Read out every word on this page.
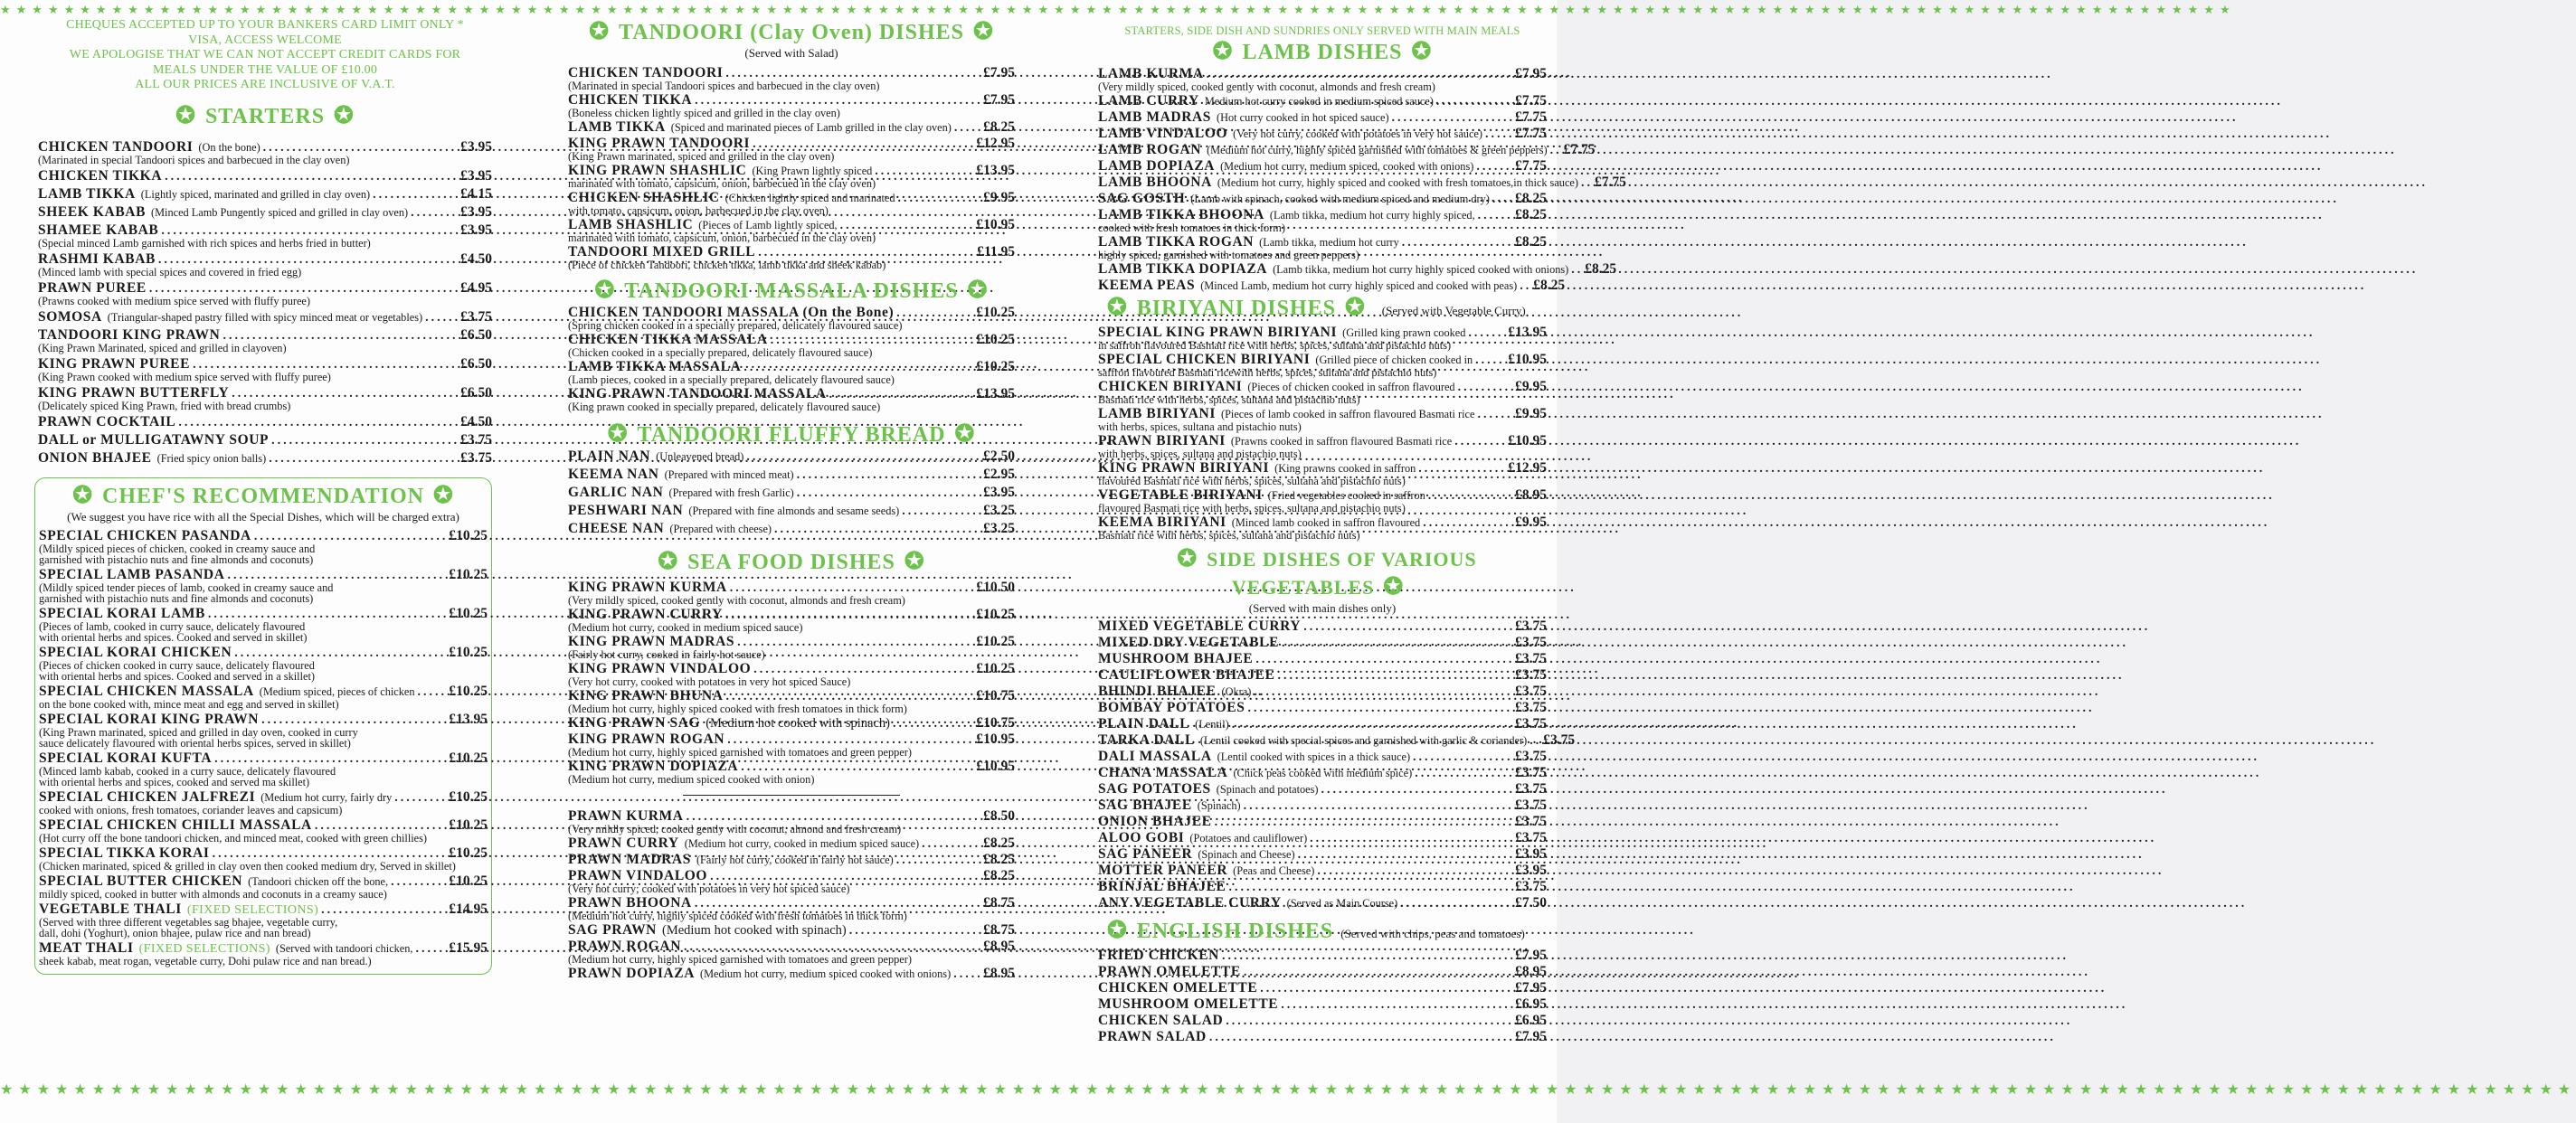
★★★★★★★★★★★★★★★★★★★★★★★★★★★★★★★★★★★★★★★★★★★★★★★★★★★★★★★★★★★★★★★★★★★★★★★★★★★★★★★★★★★★★★★★★★★★★★★★★★★★★★★★★★★★★★★★★★★★★★★★★★★★★★★★★★★★★★★★★★★★
CHEQUES ACCEPTED UP TO YOUR BANKERS CARD LIMIT ONLY *
VISA, ACCESS WELCOME
WE APOLOGISE THAT WE CAN NOT ACCEPT CREDIT CARDS FOR
MEALS UNDER THE VALUE OF £10.00
ALL OUR PRICES ARE INCLUSIVE OF V.A.T.
✪ STARTERS ✪
CHICKEN TANDOORI (On the bone) .....	£3.95
(Marinated in special Tandoori spices and barbecued in the clay oven)
CHICKEN TIKKA .....	£3.95
LAMB TIKKA (Lightly spiced, marinated and grilled in clay oven) .....	£4.15
SHEEK KABAB (Minced Lamb Pungently spiced and grilled in clay oven) .....	£3.95
SHAMEE KABAB .....	£3.95
(Special minced Lamb garnished with rich spices and herbs fried in butter)
RASHMI KABAB .....	£4.50
(Minced lamb with special spices and covered in fried egg)
PRAWN PUREE .....	£4.95
(Prawns cooked with medium spice served with fluffy puree)
SOMOSA (Triangular-shaped pastry filled with spicy minced meat or vegetables) .....	£3.75
TANDOORI KING PRAWN .....	£6.50
(King Prawn Marinated, spiced and grilled in clayoven)
KING PRAWN PUREE .....	£6.50
(King Prawn cooked with medium spice served with fluffy puree)
KING PRAWN BUTTERFLY .....	£6.50
(Delicately spiced King Prawn, fried with bread crumbs)
PRAWN COCKTAIL .....	£4.50
DALL or MULLIGATAWNY SOUP .....	£3.75
ONION BHAJEE (Fried spicy onion balls) .....	£3.75
✪ CHEF'S RECOMMENDATION ✪
(We suggest you have rice with all the Special Dishes, which will be charged extra)
SPECIAL CHICKEN PASANDA .....	£10.25
(Mildly spiced pieces of chicken, cooked in creamy sauce and
garnished with pistachio nuts and fine almonds and coconuts)
SPECIAL LAMB PASANDA .....	£10.25
(Mildly spiced tender pieces of lamb, cooked in creamy sauce and
garnished with pistachio nuts and fine almonds and coconuts)
SPECIAL KORAI LAMB .....	£10.25
(Pieces of lamb, cooked in curry sauce, delicately flavoured
with oriental herbs and spices. Cooked and served in skillet)
SPECIAL KORAI CHICKEN .....	£10.25
(Pieces of chicken cooked in curry sauce, delicately flavoured
with oriental herbs and spices. Cooked and served in a skillet)
SPECIAL CHICKEN MASSALA (Medium spiced, pieces of chicken ..... £10.25
on the bone cooked with, mince meat and egg and served in skillet)
SPECIAL KORAI KING PRAWN .....	£13.95
(King Prawn marinated, spiced and grilled in day oven, cooked in curry
sauce delicately flavoured with oriental herbs spices, served in skillet)
SPECIAL KORAI KUFTA .....	£10.25
(Minced lamb kabab, cooked in a curry sauce, delicately flavoured
with oriental herbs and spices, cooked and served ma skillet)
SPECIAL CHICKEN JALFREZI (Medium hot curry, fairly dry .....	£10.25
cooked with onions, fresh tomatoes, coriander leaves and capsicum)
SPECIAL CHICKEN CHILLI MASSALA .....	£10.25
(Hot curry off the bone tandoori chicken, and minced meat, cooked with green chillies)
SPECIAL TIKKA KORAI .....	£10.25
(Chicken marinated, spiced & grilled in clay oven then cooked medium dry, Served in skillet)
SPECIAL BUTTER CHICKEN (Tandoori chicken off the bone, .....	£10.25
mildly spiced, cooked in butter with almonds and coconuts in a creamy sauce)
VEGETABLE THALI (FIXED SELECTIONS) .....	£14.95
(Served with three different vegetables sag bhajee, vegetable curry,
dall, dohi (Yoghurt), onion bhajee, pulaw rice and nan bread)
MEAT THALI (FIXED SELECTIONS) (Served with tandoori chicken, .....	£15.95
sheek kabab, meat rogan, vegetable curry, Dohi pulaw rice and nan bread.)
✪ TANDOORI (Clay Oven) DISHES ✪
(Served with Salad)
CHICKEN TANDOORI .....	£7.95
(Marinated in special Tandoori spices and barbecued in the clay oven)
CHICKEN TIKKA .....	£7.95
(Boneless chicken lightly spiced and grilled in the clay oven)
LAMB TIKKA (Spiced and marinated pieces of Lamb grilled in the clay oven) ..... £8.25
KING PRAWN TANDOORI .....	£12.95
(King Prawn marinated, spiced and grilled in the clay oven)
KING PRAWN SHASHLIC (King Prawn lightly spiced .....	£13.95
marinated with tomato, capsicum, onion, barbecued in the clay oven)
CHICKEN SHASHLIC (Chicken lightly spiced and marinated .....	£9.95
with tomato, capsicum, onion, barbecued in the clay oven)
LAMB SHASHLIC (Pieces of Lamb lightly spiced, .....	£10.95
marinated with tomato, capsicum, onion, barbecued in the clay oven)
TANDOORI MIXED GRILL .....	£11.95
(Piece of chicken Tandoori, chicken tikka, lamb tikka and sheek kabab)
✪ TANDOORI MASSALA DISHES ✪
CHICKEN TANDOORI MASSALA (On the Bone) .....	£10.25
(Spring chicken cooked in a specially prepared, delicately flavoured sauce)
CHICKEN TIKKA MASSALA .....	£10.25
(Chicken cooked in a specially prepared, delicately flavoured sauce)
LAMB TIKKA MASSALA .....	£10.25
(Lamb pieces, cooked in a specially prepared, delicately flavoured sauce)
KING PRAWN TANDOORI MASSALA .....	£13.95
(King prawn cooked in specially prepared, delicately flavoured sauce)
✪ TANDOORI FLUFFY BREAD ✪
PLAIN NAN (Unleavened bread) .....	£2.50
KEEMA NAN (Prepared with minced meat) .....	£2.95
GARLIC NAN (Prepared with fresh Garlic) .....	£3.95
PESHWARI NAN (Prepared with fine almonds and sesame seeds) .....	£3.25
CHEESE NAN (Prepared with cheese) .....	£3.25
✪ SEA FOOD DISHES ✪
KING PRAWN KURMA .....	£10.50
(Very mildly spiced, cooked gently with coconut, almonds and fresh cream)
KING PRAWN CURRY .....	£10.25
(Medium hot curry, cooked in medium spiced sauce)
KING PRAWN MADRAS .....	£10.25
(Fairly hot curry, cooked in fairly hot sauce)
KING PRAWN VINDALOO .....	£10.25
(Very hot curry, cooked with potatoes in very hot spiced Sauce)
KING PRAWN BHUNA .....	£10.75
(Medium hot curry, highly spiced cooked with fresh tomatoes in thick form)
KING PRAWN SAG (Medium hot cooked with spinach) .....	£10.75
KING PRAWN ROGAN .....	£10.95
(Medium hot curry, highly spiced garnished with tomatoes and green pepper)
KING PRAWN DOPIAZA .....	£10.95
(Medium hot curry, medium spiced cooked with onion)
PRAWN KURMA .....	£8.50
(Very mildly spiced, cooked gently with coconut, almond and fresh cream)
PRAWN CURRY (Medium hot curry, cooked in medium spiced sauce) .....	£8.25
PRAWN MADRAS (Fairly hot curry, cooked in fairly hot sauce) .....	£8.25
PRAWN VINDALOO .....	£8.25
(Very hot curry; cooked with potatoes in very hot spiced sauce)
PRAWN BHOONA .....	£8.75
(Medium hot curry, highly spiced cooked with fresh tomatoes in thick form)
SAG PRAWN (Medium hot cooked with spinach) .....	£8.75
PRAWN ROGAN .....	£8.95
(Medium hot curry, highly spiced garnished with tomatoes and green pepper)
PRAWN DOPIAZA (Medium hot curry, medium spiced cooked with onions) ..... £8.95
STARTERS, SIDE DISH AND SUNDRIES ONLY SERVED WITH MAIN MEALS
✪ LAMB DISHES ✪
LAMB KURMA .....	£7.95
(Very mildly spiced, cooked gently with coconut, almonds and fresh cream)
LAMB CURRY Medium hot curry cooked in medium spiced sauce) .....	£7.75
LAMB MADRAS (Hot curry cooked in hot spiced sauce) .....	£7.75
LAMB VINDALOO (Very hot curry, cooked with potatoes in very hot sauce) ..... £7.75
LAMB ROGAN (Medium hot curry, highly spiced garnished with tomatoes & green peppers) ..... £7.75
LAMB DOPIAZA (Medium hot curry, medium spiced, cooked with onions) .....	£7.75
LAMB BHOONA (Medium hot curry, highly spiced and cooked with fresh tomatoes,in thick sauce) ..... £7.75
SAG GOSTH (Lamb with spinach, cooked with medium spiced and medium dry) ..... £8.25
LAMB TIKKA BHOONA (Lamb tikka, medium hot curry highly spiced, .....	£8.25
cooked with fresh tomatoes in thick form)
LAMB TIKKA ROGAN (Lamb tikka, medium hot curry .....	£8.25
highly spiced, garnished with tomatoes and green peppers)
LAMB TIKKA DOPIAZA (Lamb tikka, medium hot curry highly spiced cooked with onions) ..... £8.25
KEEMA PEAS (Minced Lamb, medium hot curry highly spiced and cooked with peas) ..... £8.25
✪ BIRIYANI DISHES ✪ (Served with Vegetable Curry)
SPECIAL KING PRAWN BIRIYANI (Grilled king prawn cooked .....	£13.95
in saffron flavoured Basmati rice with herbs, spices, sultana and pistachio nuts)
SPECIAL CHICKEN BIRIYANI (Grilled piece of chicken cooked in .....	£10.95
saffron flavoured Basmati ricewith herbs, spices, sultana and pistachio nuts)
CHICKEN BIRIYANI (Pieces of chicken cooked in saffron flavoured .....	£9.95
Basmati rice with herbs, spices, sultana and pistachio nuts)
LAMB BIRIYANI (Pieces of lamb cooked in saffron flavoured Basmati rice .....	£9.95
with herbs, spices, sultana and pistachio nuts)
PRAWN BIRIYANI (Prawns cooked in saffron flavoured Basmati rice .....	£10.95
with herbs, spices, sultana and pistachio nuts)
KING PRAWN BIRIYANI (King prawns cooked in saffron .....	£12.95
flavoured Basmati rice with herbs, spices, sultana and pistachio nuts)
VEGETABLE BIRIYANI (Fried vegetables cooked in saffron .....	£8.95
flavoured Basmati rice with herbs, spices, sultana and pistachio nuts)
KEEMA BIRIYANI (Minced lamb cooked in saffron flavoured .....	£9.95
Basmati rice with herbs, spices, sultana and pistachio nuts)
✪ SIDE DISHES OF VARIOUS VEGETABLES ✪
(Served with main dishes only)
MIXED VEGETABLE CURRY .....	£3.75
MIXED DRY VEGETABLE .....	£3.75
MUSHROOM BHAJEE .....	£3.75
CAULIFLOWER BHAJEE .....	£3.75
BHINDI BHAJEE (Okra) .....	£3.75
BOMBAY POTATOES .....	£3.75
PLAIN DALL (Lentil) .....	£3.75
TARKA DALL (Lentil cooked with special spices and garnished with garlic & coriander) ..... £3.75
DALI MASSALA (Lentil cooked with spices in a thick sauce) .....	£3.75
CHANA MASSALA (Chick peas cooked with medium spice) .....	£3.75
SAG POTATOES (Spinach and potatoes) .....	£3.75
SAG BHAJEE (Spinach) .....	£3.75
ONION BHAJEE .....	£3.75
ALOO GOBI (Potatoes and cauliflower) .....	£3.75
SAG PANEER (Spinach and Cheese) .....	£3.95
MOTTER PANEER (Peas and Cheese) .....	£3.95
BRINJAL BHAJEE .....	£3.75
ANY VEGETABLE CURRY (Served as Main Course) .....	£7.50
✪ ENGLISH DISHES (Served with chips, peas and tomatoes)
FRIED CHICKEN .....	£7.95
PRAWN OMELETTE .....	£8.95
CHICKEN OMELETTE .....	£7.95
MUSHROOM OMELETTE .....	£6.95
CHICKEN SALAD .....	£6.95
PRAWN SALAD .....	£7.95
★★★★★★★★★★★★★★★★★★★★★★★★★★★★★★★★★★★★★★★★★★★★★★★★★★★★★★★★★★★★★★★★★★★★★★★★★★★★★★★★★★★★★★★★★★★★★★★★★★★★★★★★★★★★★★★★★★★★★★★★★★★★★★★★★★★★★★★★★★★★
